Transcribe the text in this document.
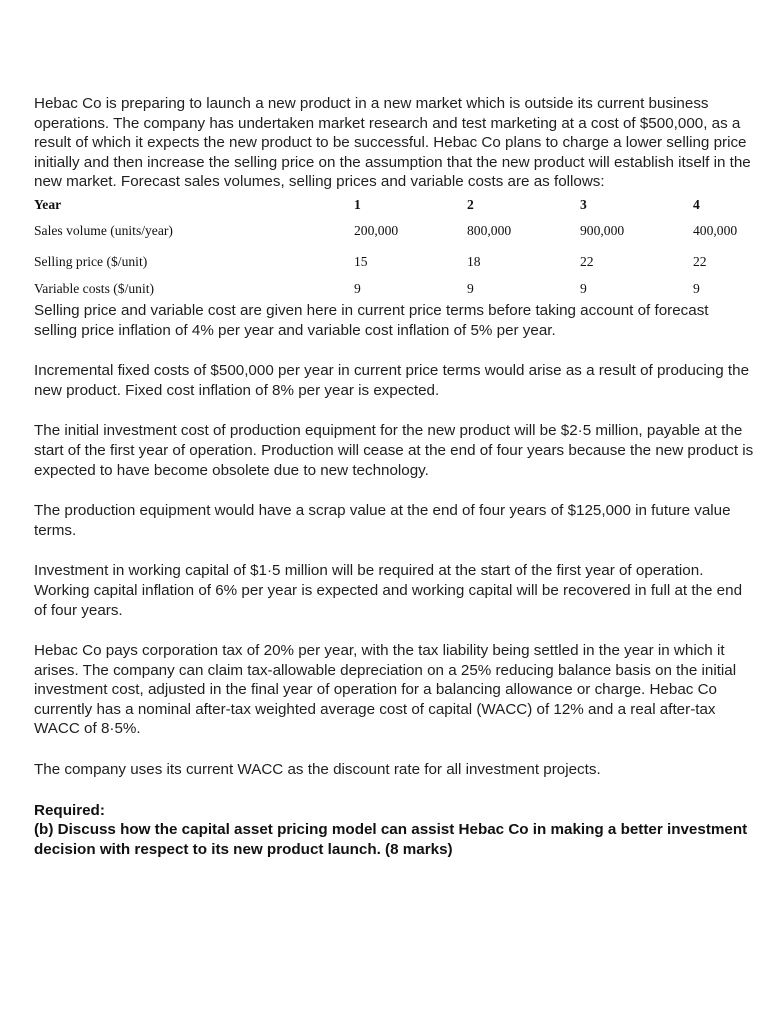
Hebac Co is preparing to launch a new product in a new market which is outside its current business operations. The company has undertaken market research and test marketing at a cost of $500,000, as a result of which it expects the new product to be successful. Hebac Co plans to charge a lower selling price initially and then increase the selling price on the assumption that the new product will establish itself in the new market. Forecast sales volumes, selling prices and variable costs are as follows:

Year	1	2	3	4
Sales volume (units/year)	200,000	800,000	900,000	400,000
Selling price ($/unit)	15	18	22	22
Variable costs ($/unit)	9	9	9	9

Selling price and variable cost are given here in current price terms before taking account of forecast selling price inflation of 4% per year and variable cost inflation of 5% per year.

Incremental fixed costs of $500,000 per year in current price terms would arise as a result of producing the new product. Fixed cost inflation of 8% per year is expected.

The initial investment cost of production equipment for the new product will be $2·5 million, payable at the start of the first year of operation. Production will cease at the end of four years because the new product is expected to have become obsolete due to new technology.

The production equipment would have a scrap value at the end of four years of $125,000 in future value terms.

Investment in working capital of $1·5 million will be required at the start of the first year of operation. Working capital inflation of 6% per year is expected and working capital will be recovered in full at the end of four years.

Hebac Co pays corporation tax of 20% per year, with the tax liability being settled in the year in which it arises. The company can claim tax-allowable depreciation on a 25% reducing balance basis on the initial investment cost, adjusted in the final year of operation for a balancing allowance or charge. Hebac Co currently has a nominal after-tax weighted average cost of capital (WACC) of 12% and a real after-tax WACC of 8·5%.

The company uses its current WACC as the discount rate for all investment projects.

Required:

(b) Discuss how the capital asset pricing model can assist Hebac Co in making a better investment decision with respect to its new product launch. (8 marks)
